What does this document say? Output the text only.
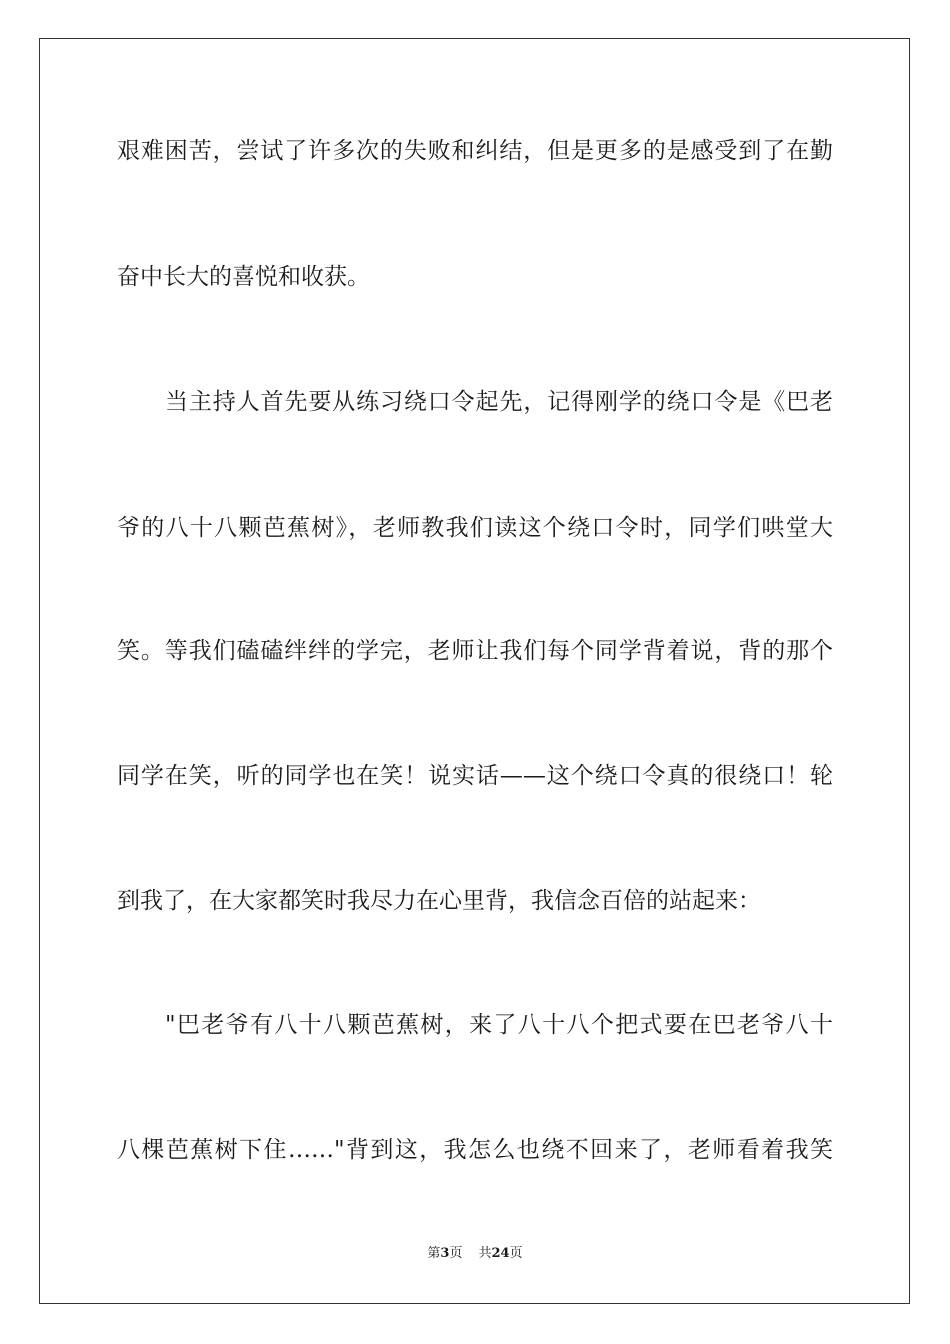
艰难困苦，尝试了许多次的失败和纠结，但是更多的是感受到了在勤
奋中长大的喜悦和收获。
当主持人首先要从练习绕口令起先，记得刚学的绕口令是《巴老
爷的八十八颗芭蕉树》，老师教我们读这个绕口令时，同学们哄堂大
笑。等我们磕磕绊绊的学完，老师让我们每个同学背着说，背的那个
同学在笑，听的同学也在笑！说实话——这个绕口令真的很绕口！轮
到我了，在大家都笑时我尽力在心里背，我信念百倍的站起来：
"巴老爷有八十八颗芭蕉树，来了八十八个把式要在巴老爷八十
八棵芭蕉树下住……"背到这，我怎么也绕不回来了，老师看着我笑
第3页 共24页
